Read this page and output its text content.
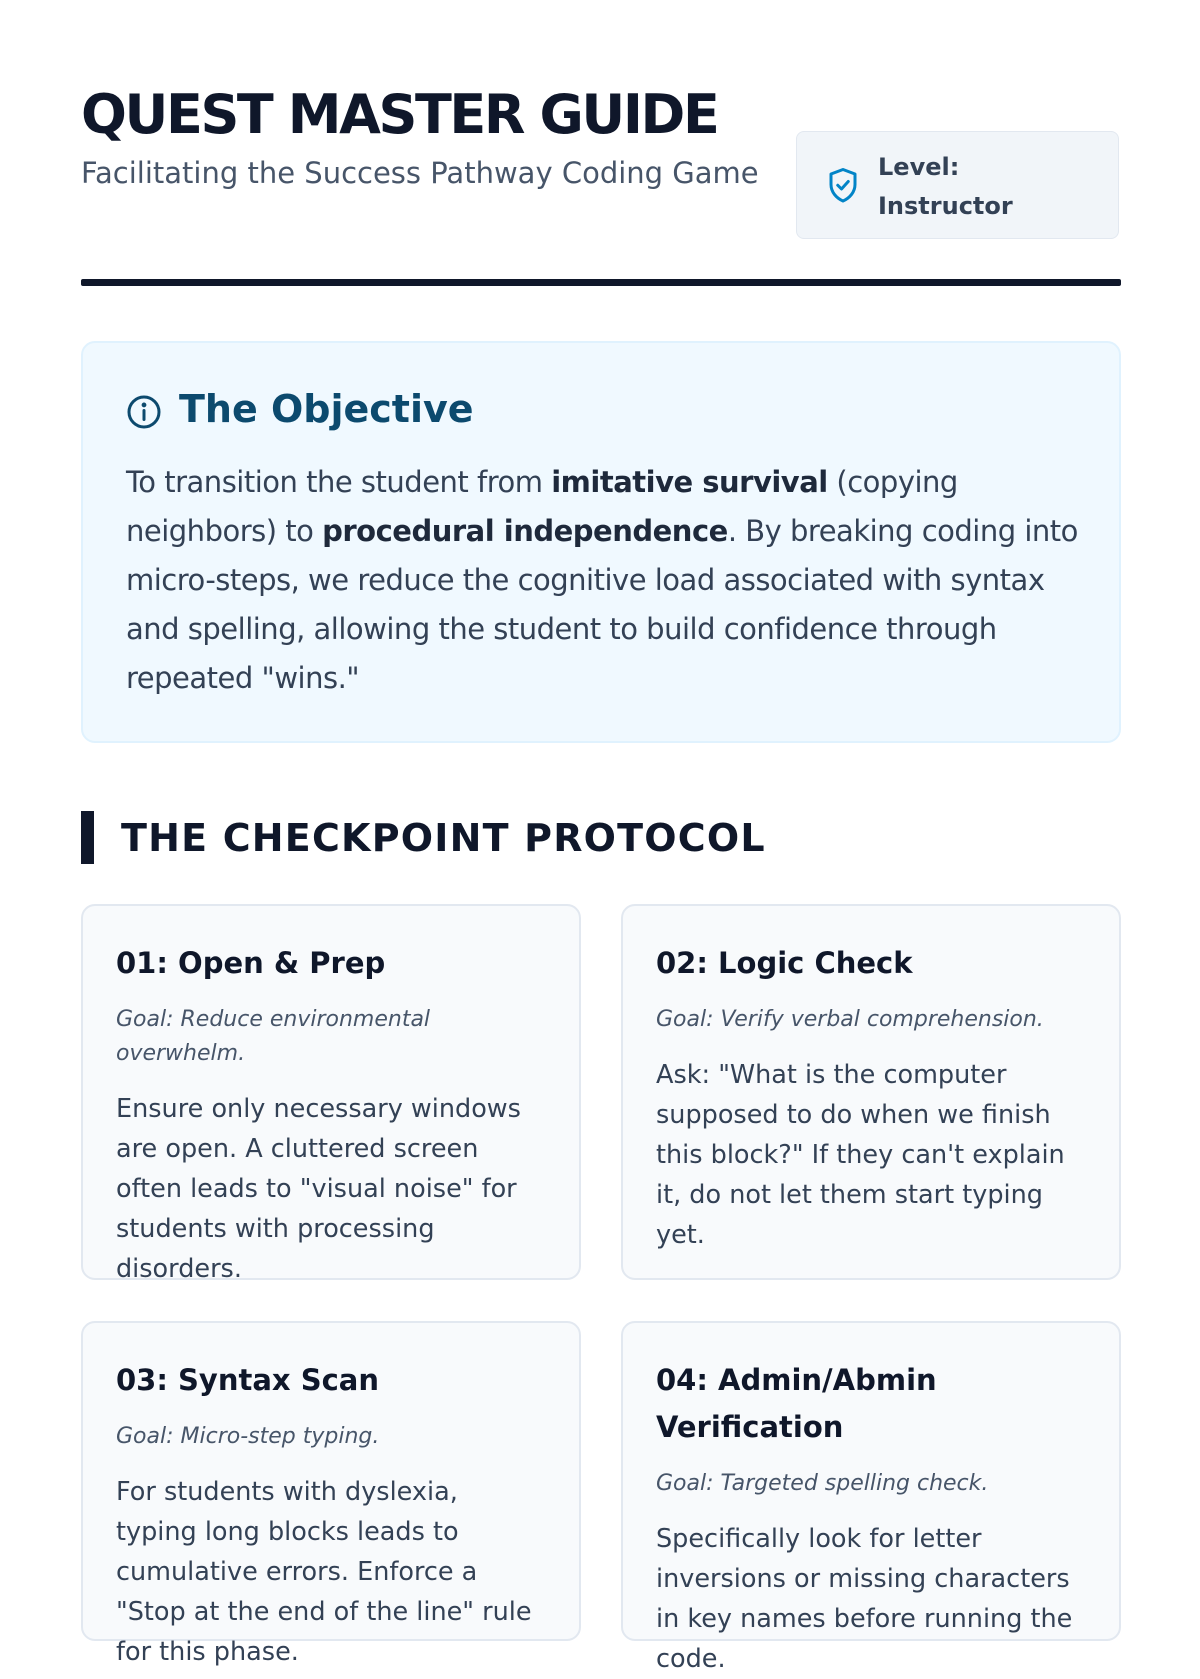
QUEST MASTER GUIDE

Facilitating the Success Pathway Coding Game	Level: Instructor
The Objective

To transition the student from imitative survival (copying neighbors) to procedural independence. By breaking coding into micro-steps, we reduce the cognitive load associated with syntax and spelling, allowing the student to build confidence through repeated "wins."

THE CHECKPOINT PROTOCOL
01: Open & Prep

Goal: Reduce environmental overwhelm.

Ensure only necessary windows are open. A cluttered screen often leads to "visual noise" for students with processing disorders.

02: Logic Check

Goal: Verify verbal comprehension.

Ask: "What is the computer supposed to do when we finish this block?" If they can't explain it, do not let them start typing yet.

03: Syntax Scan

Goal: Micro-step typing.

For students with dyslexia, typing long blocks leads to cumulative errors. Enforce a "Stop at the end of the line" rule for this phase.

04: Admin/Abmin Verification

Goal: Targeted spelling check.

Specifically look for letter inversions or missing characters in key names before running the code.
